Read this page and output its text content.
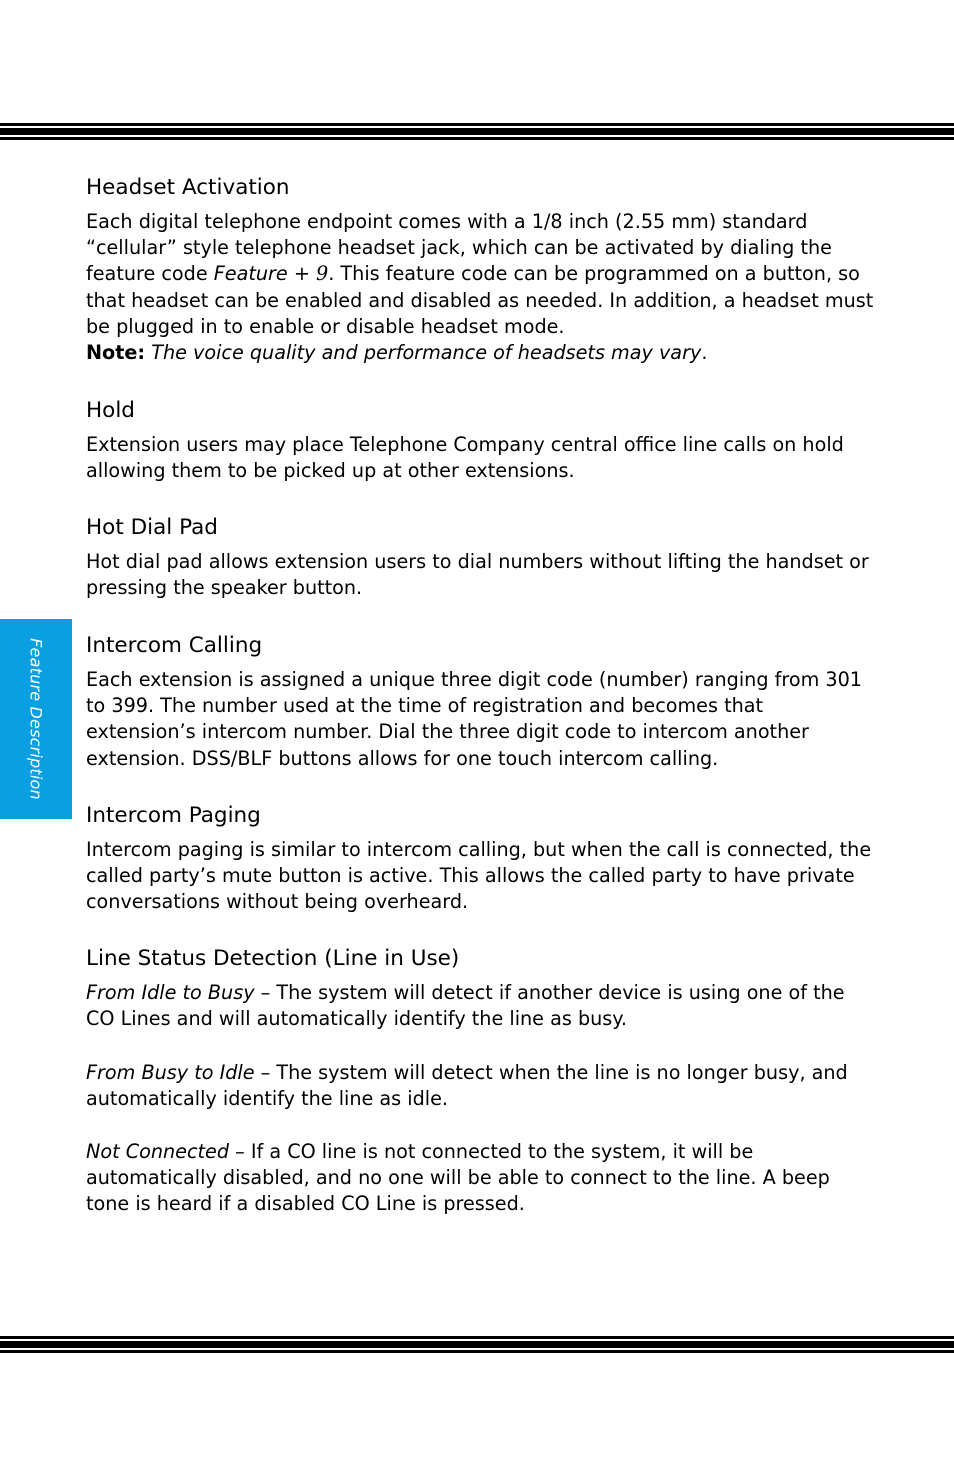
Feature Description
Headset Activation

Each digital telephone endpoint comes with a 1/8 inch (2.55 mm) standard “cellular” style telephone headset jack, which can be activated by dialing the feature code Feature + 9. This feature code can be programmed on a button, so that headset can be enabled and disabled as needed. In addition, a headset must be plugged in to enable or disable headset mode.

Note: The voice quality and performance of headsets may vary.

Hold

Extension users may place Telephone Company central office line calls on hold allowing them to be picked up at other extensions.

Hot Dial Pad

Hot dial pad allows extension users to dial numbers without lifting the handset or pressing the speaker button.

Intercom Calling

Each extension is assigned a unique three digit code (number) ranging from 301 to 399. The number used at the time of registration and becomes that extension’s intercom number. Dial the three digit code to intercom another extension. DSS/BLF buttons allows for one touch intercom calling.

Intercom Paging

Intercom paging is similar to intercom calling, but when the call is connected, the called party’s mute button is active. This allows the called party to have private conversations without being overheard.

Line Status Detection (Line in Use)

From Idle to Busy – The system will detect if another device is using one of the CO Lines and will automatically identify the line as busy.

From Busy to Idle – The system will detect when the line is no longer busy, and automatically identify the line as idle.

Not Connected – If a CO line is not connected to the system, it will be automatically disabled, and no one will be able to connect to the line. A beep tone is heard if a disabled CO Line is pressed.
